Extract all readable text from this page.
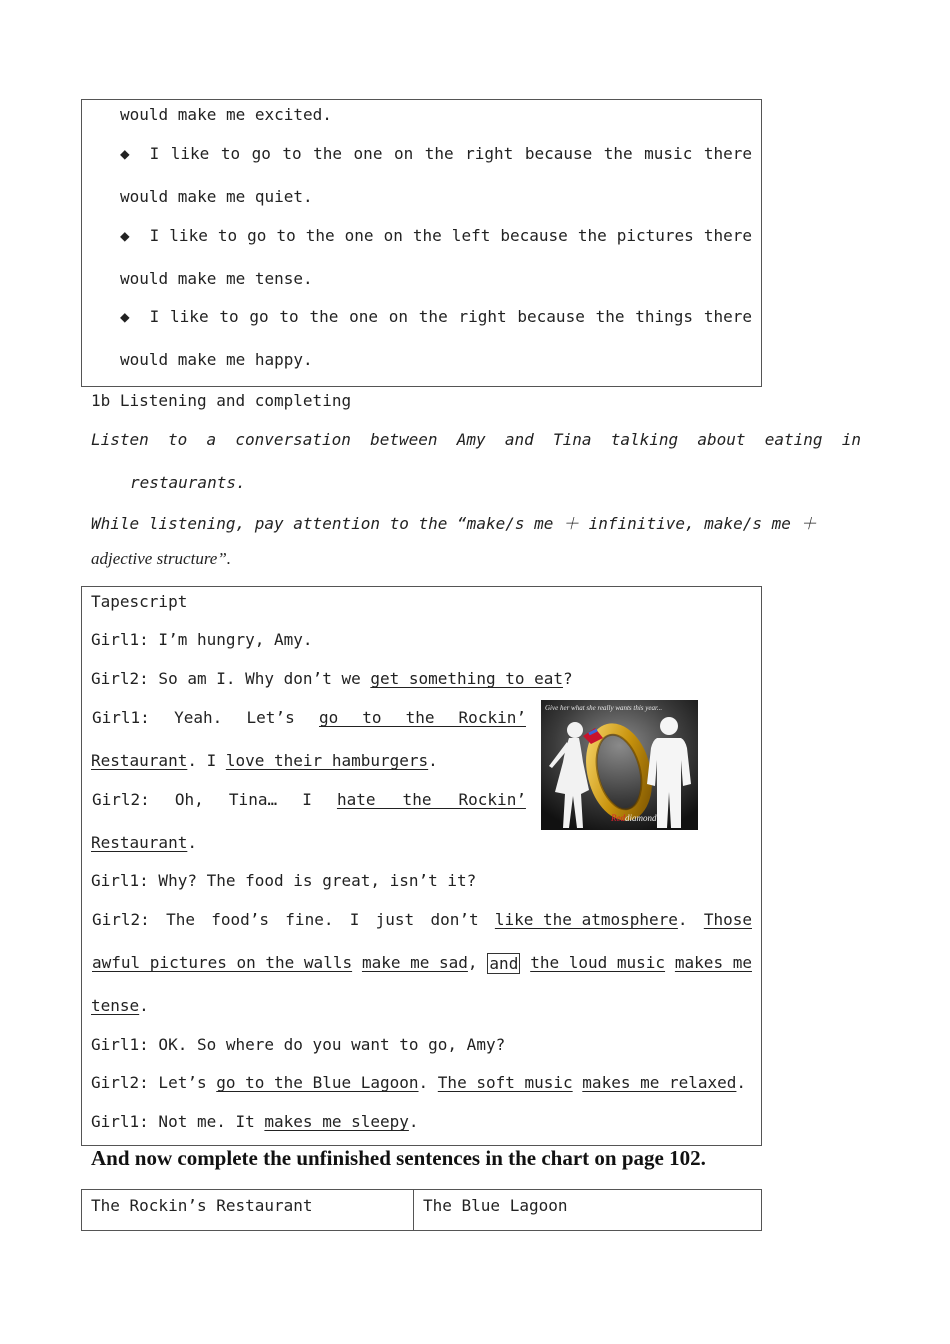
would make me excited.
◆ I like to go to the one on the right because the music there
would make me quiet.
◆ I like to go to the one on the left because the pictures there
would make me tense.
◆ I like to go to the one on the right because the things there
would make me happy.
1b Listening and completing
Listen to a conversation between Amy and Tina talking about eating in
restaurants.
While listening, pay attention to the “make/s me ＋ infinitive, make/s me ＋
adjective structure”.
Tapescript
Girl1: I’m hungry, Amy.
Girl2: So am I. Why don’t we get something to eat?
Girl1: Yeah. Let’s go to the Rockin’
Restaurant. I love their hamburgers.
Girl2: Oh, Tina… I hate the Rockin’
Restaurant.
Girl1: Why? The food is great, isn’t it?
Girl2: The food’s fine. I just don’t like the atmosphere. Those
awful pictures on the walls make me sad, and the loud music makes me
tense.
Girl1: OK. So where do you want to go, Amy?
Girl2: Let’s go to the Blue Lagoon. The soft music makes me relaxed.
Girl1: Not me. It makes me sleepy.
Give her what she really wants this year...
Reddiamond
And now complete the unfinished sentences in the chart on page 102.
The Rockin’s Restaurant	The Blue Lagoon
